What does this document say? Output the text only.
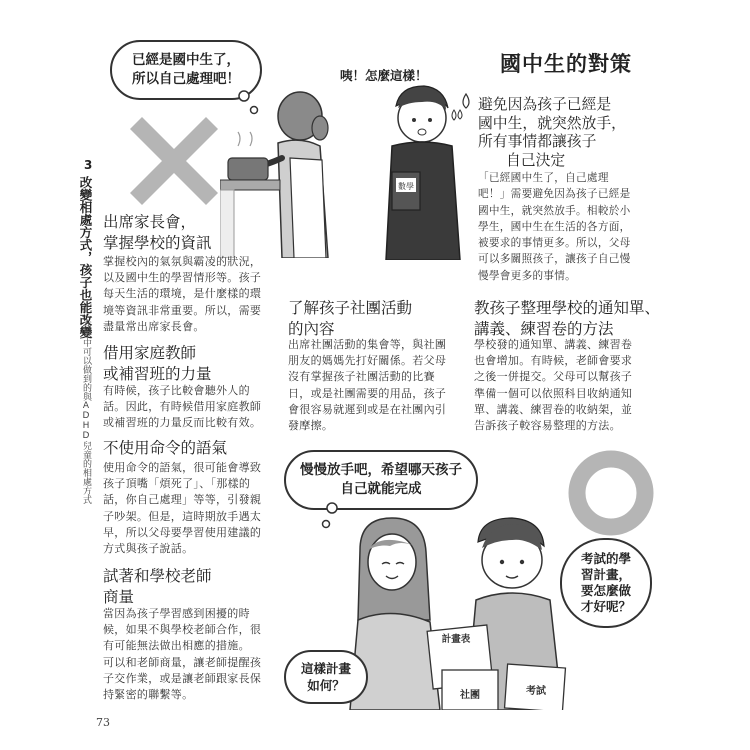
已經是國中生了，
所以自己處理吧！	咦！怎麼這樣！	國中生的對策
數學
避免因為孩子已經是
國中生，就突然放手，
所有事情都讓孩子
自己決定
「已經國中生了，自己處理
吧！」需要避免因為孩子已經是
國中生，就突然放手。相較於小
學生，國中生在生活的各方面，
被要求的事情更多。所以，父母
可以多關照孩子，讓孩子自己慢
慢學會更多的事情。
3
改變相處方式，孩子也能改變
……在家中可以做到的與ADHD兒童的相處方式
出席家長會，
掌握學校的資訊
掌握校內的氣氛與霸凌的狀況，
以及國中生的學習情形等。孩子
每天生活的環境，是什麼樣的環
境等資訊非常重要。所以，需要
盡量常出席家長會。
借用家庭教師
或補習班的力量
有時候，孩子比較會聽外人的
話。因此，有時候借用家庭教師
或補習班的力量反而比較有效。
不使用命令的語氣
使用命令的語氣，很可能會導致
孩子頂嘴「煩死了」、「那樣的
話，你自己處理」等等，引發親
子吵架。但是，這時期放手遇太
早，所以父母要學習使用建議的
方式與孩子說話。
試著和學校老師
商量
當因為孩子學習感到困擾的時
候，如果不與學校老師合作，很
有可能無法做出相應的措施。
可以和老師商量，讓老師提醒孩
子交作業，或是讓老師跟家長保
持緊密的聯繫等。
了解孩子社團活動
的內容
出席社團活動的集會等，與社團
朋友的媽媽先打好關係。若父母
沒有掌握孩子社團活動的比賽
日，或是社團需要的用品，孩子
會很容易就遲到或是在社團內引
發摩擦。
教孩子整理學校的通知單、
講義、練習卷的方法
學校發的通知單、講義、練習卷
也會增加。有時候，老師會要求
之後一併提交。父母可以幫孩子
準備一個可以依照科目收納通知
單、講義、練習卷的收納架，並
告訴孩子較容易整理的方法。
慢慢放手吧，希望哪天孩子
自己就能完成
計畫表
社團	考試
考試的學
習計畫，
要怎麼做
才好呢？
這樣計畫
如何？
73
